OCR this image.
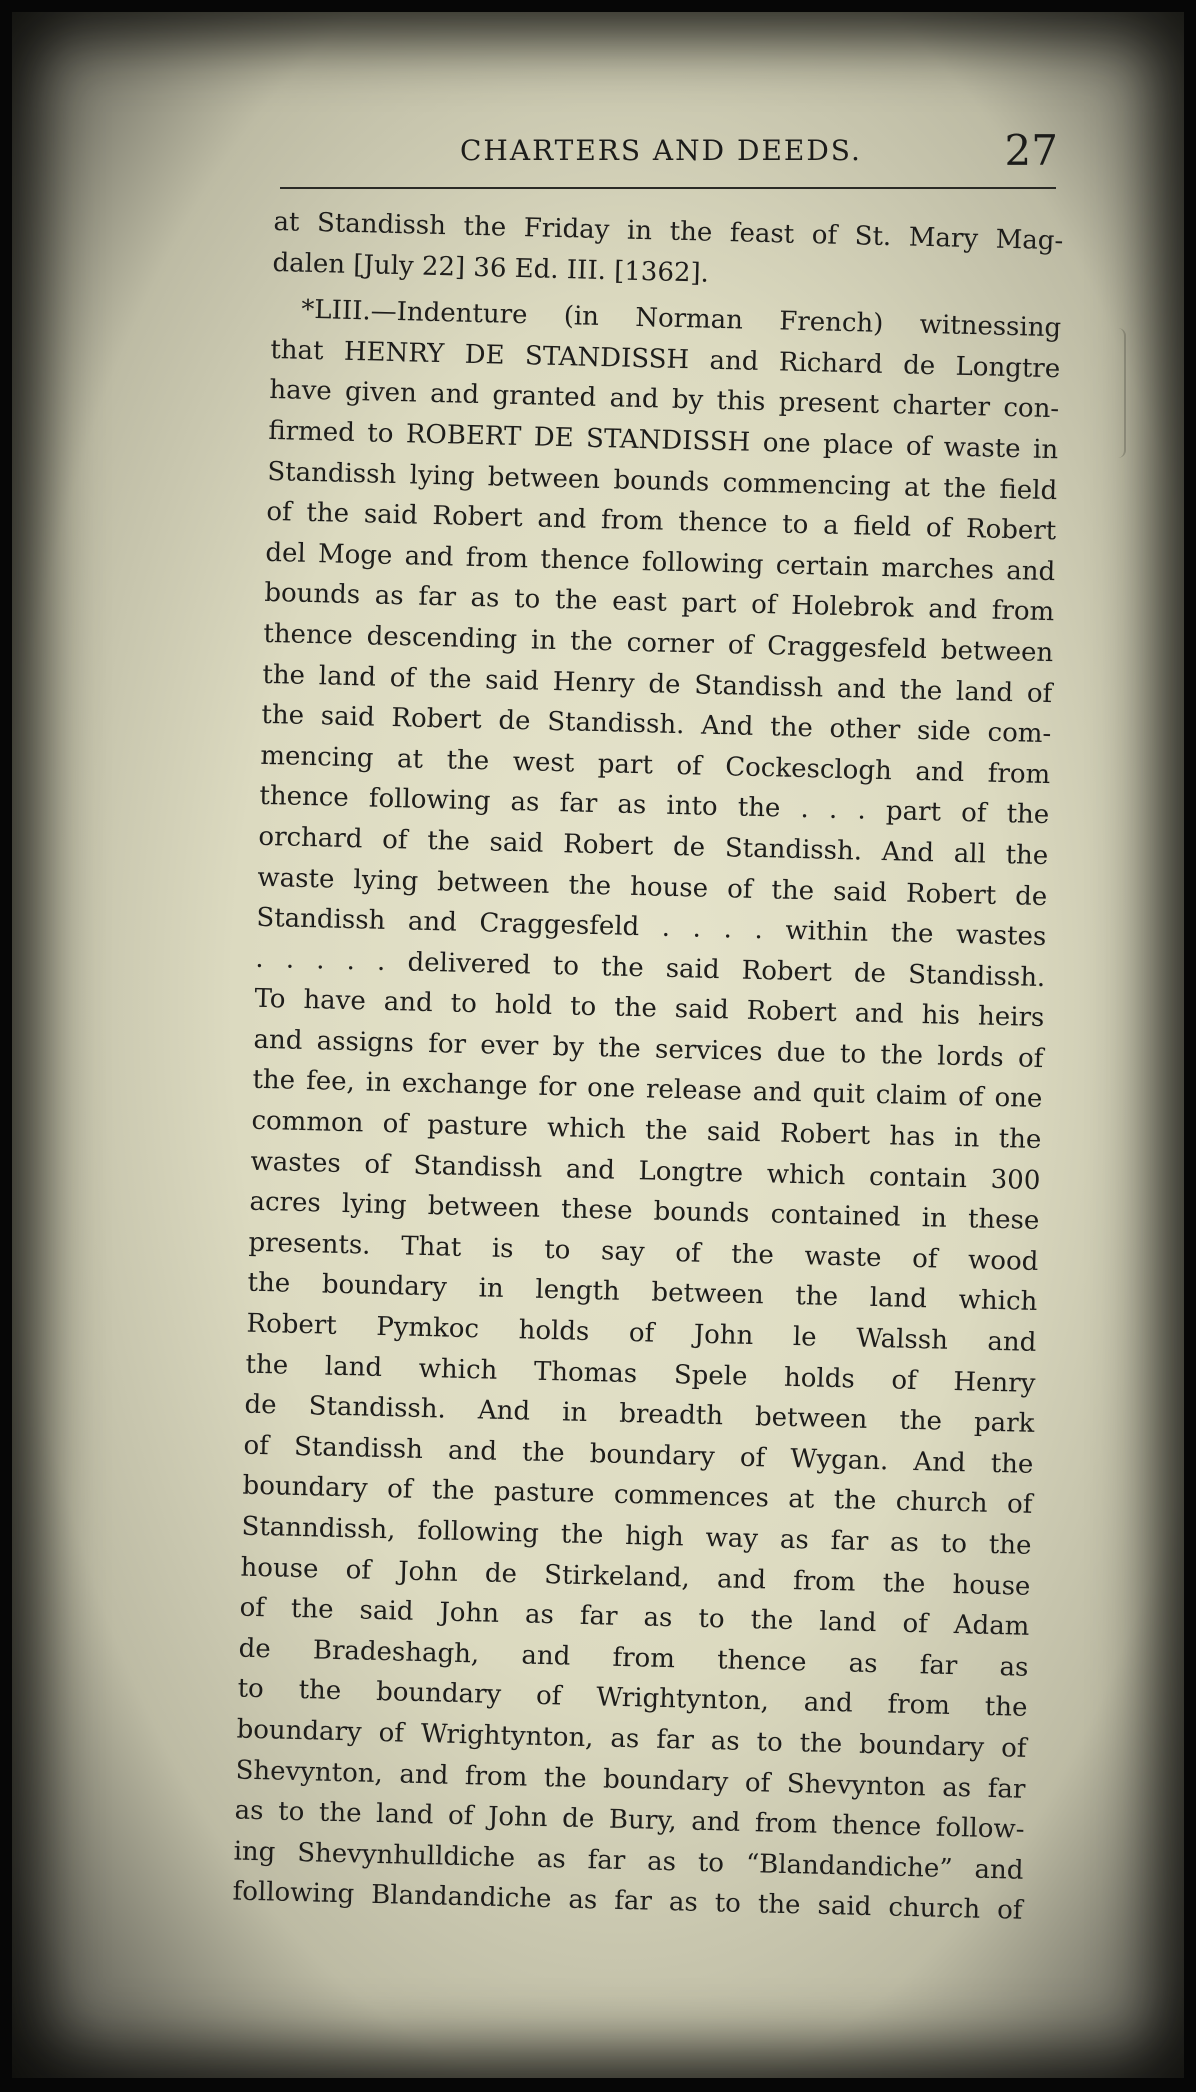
CHARTERS AND DEEDS.	27
at Standissh the Friday in the feast of St. Mary Mag-
dalen [July 22] 36 Ed. III. [1362].
*LIII.—Indenture (in Norman French) witnessing
that HENRY DE STANDISSH and Richard de Longtre
have given and granted and by this present charter con-
firmed to ROBERT DE STANDISSH one place of waste in
Standissh lying between bounds commencing at the field
of the said Robert and from thence to a field of Robert
del Moge and from thence following certain marches and
bounds as far as to the east part of Holebrok and from
thence descending in the corner of Craggesfeld between
the land of the said Henry de Standissh and the land of
the said Robert de Standissh. And the other side com-
mencing at the west part of Cockesclogh and from
thence following as far as into the . . . part of the
orchard of the said Robert de Standissh. And all the
waste lying between the house of the said Robert de
Standissh and Craggesfeld . . . . within the wastes
. . . . . delivered to the said Robert de Standissh.
To have and to hold to the said Robert and his heirs
and assigns for ever by the services due to the lords of
the fee, in exchange for one release and quit claim of one
common of pasture which the said Robert has in the
wastes of Standissh and Longtre which contain 300
acres lying between these bounds contained in these
presents. That is to say of the waste of wood
the boundary in length between the land which
Robert Pymkoc holds of John le Walssh and
the land which Thomas Spele holds of Henry
de Standissh. And in breadth between the park
of Standissh and the boundary of Wygan. And the
boundary of the pasture commences at the church of
Stanndissh, following the high way as far as to the
house of John de Stirkeland, and from the house
of the said John as far as to the land of Adam
de Bradeshagh, and from thence as far as
to the boundary of Wrightynton, and from the
boundary of Wrightynton, as far as to the boundary of
Shevynton, and from the boundary of Shevynton as far
as to the land of John de Bury, and from thence follow-
ing Shevynhulldiche as far as to “Blandandiche” and
following Blandandiche as far as to the said church of
